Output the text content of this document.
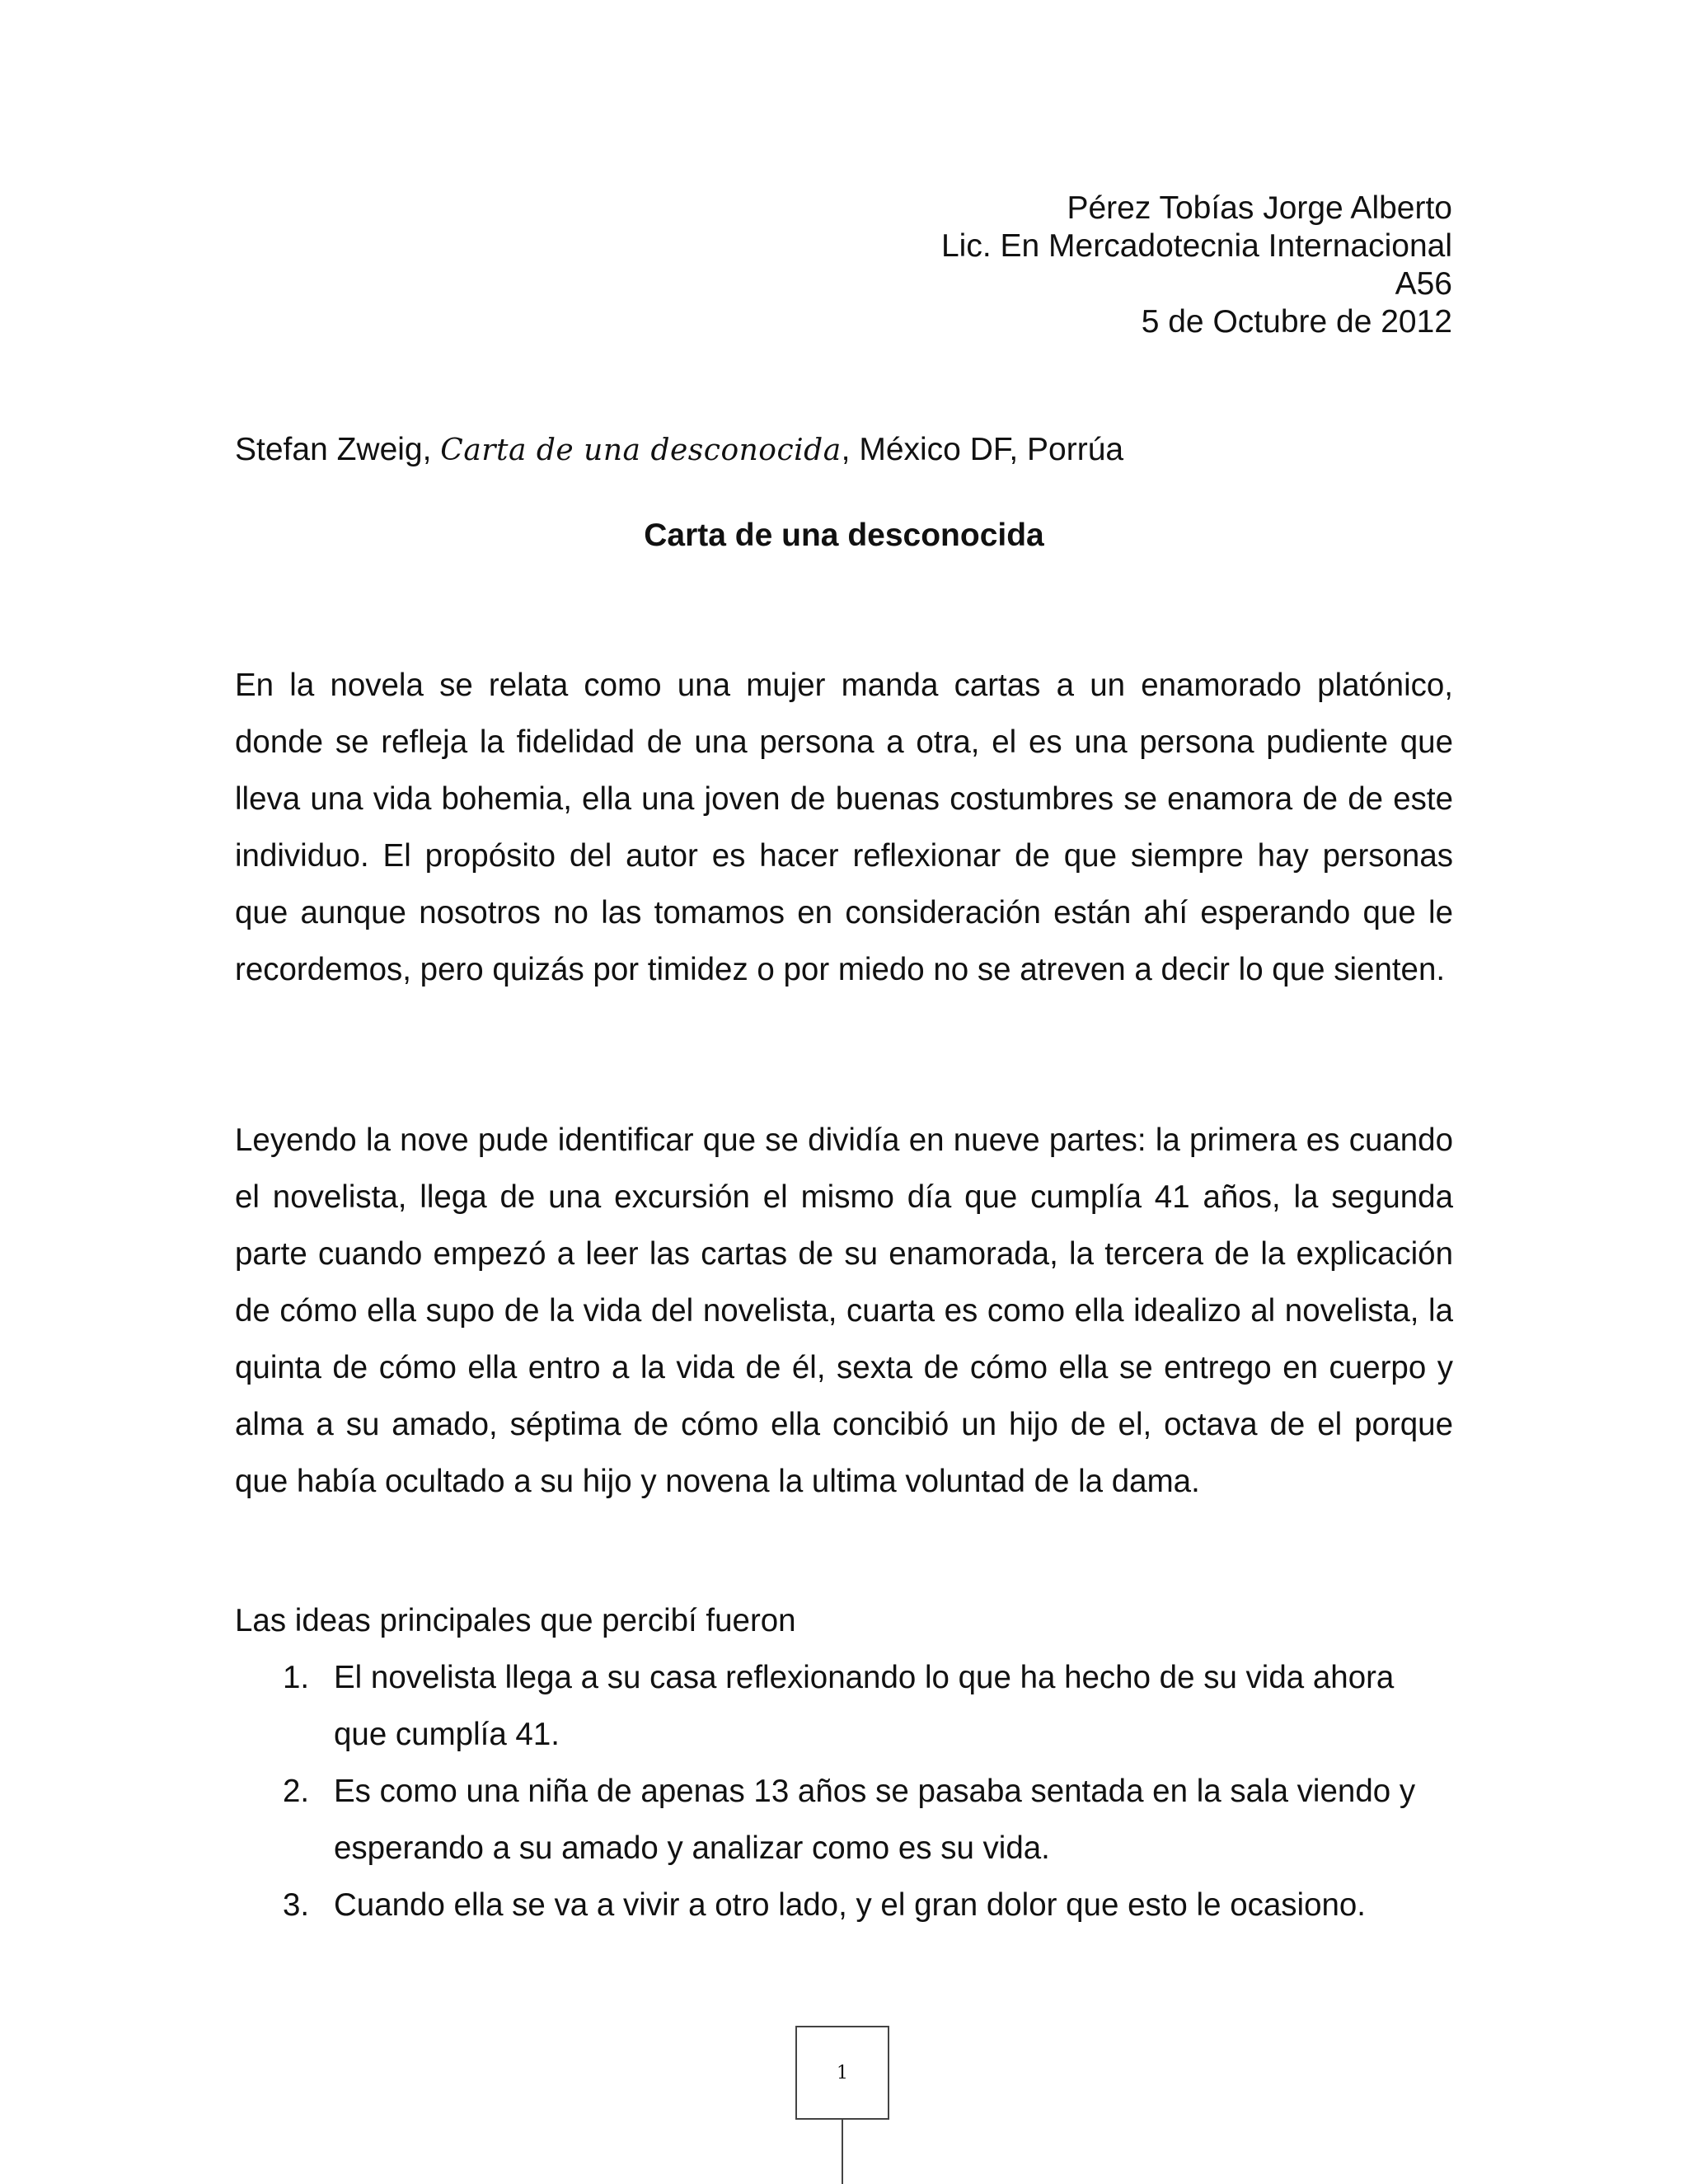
Pérez Tobías Jorge Alberto
Lic. En Mercadotecnia Internacional
A56
5 de Octubre de 2012
Stefan Zweig, Carta de una desconocida, México DF, Porrúa
Carta de una desconocida

En la novela se relata como una mujer manda cartas a un enamorado platónico, donde se refleja la fidelidad de una persona a otra, el es una persona pudiente que lleva una vida bohemia, ella una joven de buenas costumbres se enamora de de este individuo. El propósito del autor es hacer reflexionar de que siempre hay personas que aunque nosotros no las tomamos en consideración están ahí esperando que le recordemos, pero quizás por timidez o por miedo no se atreven a decir lo que sienten.

Leyendo la nove pude identificar que se dividía en nueve partes: la primera es cuando el novelista, llega de una excursión el mismo día que cumplía 41 años, la segunda parte cuando empezó a leer las cartas de su enamorada, la tercera de la explicación de cómo ella supo de la vida del novelista, cuarta es como ella idealizo al novelista, la quinta de cómo ella entro a la vida de él, sexta de cómo ella se entrego en cuerpo y alma a su amado, séptima de cómo ella concibió un hijo de el, octava de el porque que había ocultado a su hijo y novena la ultima voluntad de la dama.

Las ideas principales que percibí fueron
1. El novelista llega a su casa reflexionando lo que ha hecho de su vida ahora que cumplía 41.
2. Es como una niña de apenas 13 años se pasaba sentada en la sala viendo y esperando a su amado y analizar como es su vida.
3. Cuando ella se va a vivir a otro lado, y el gran dolor que esto le ocasiono.
1
